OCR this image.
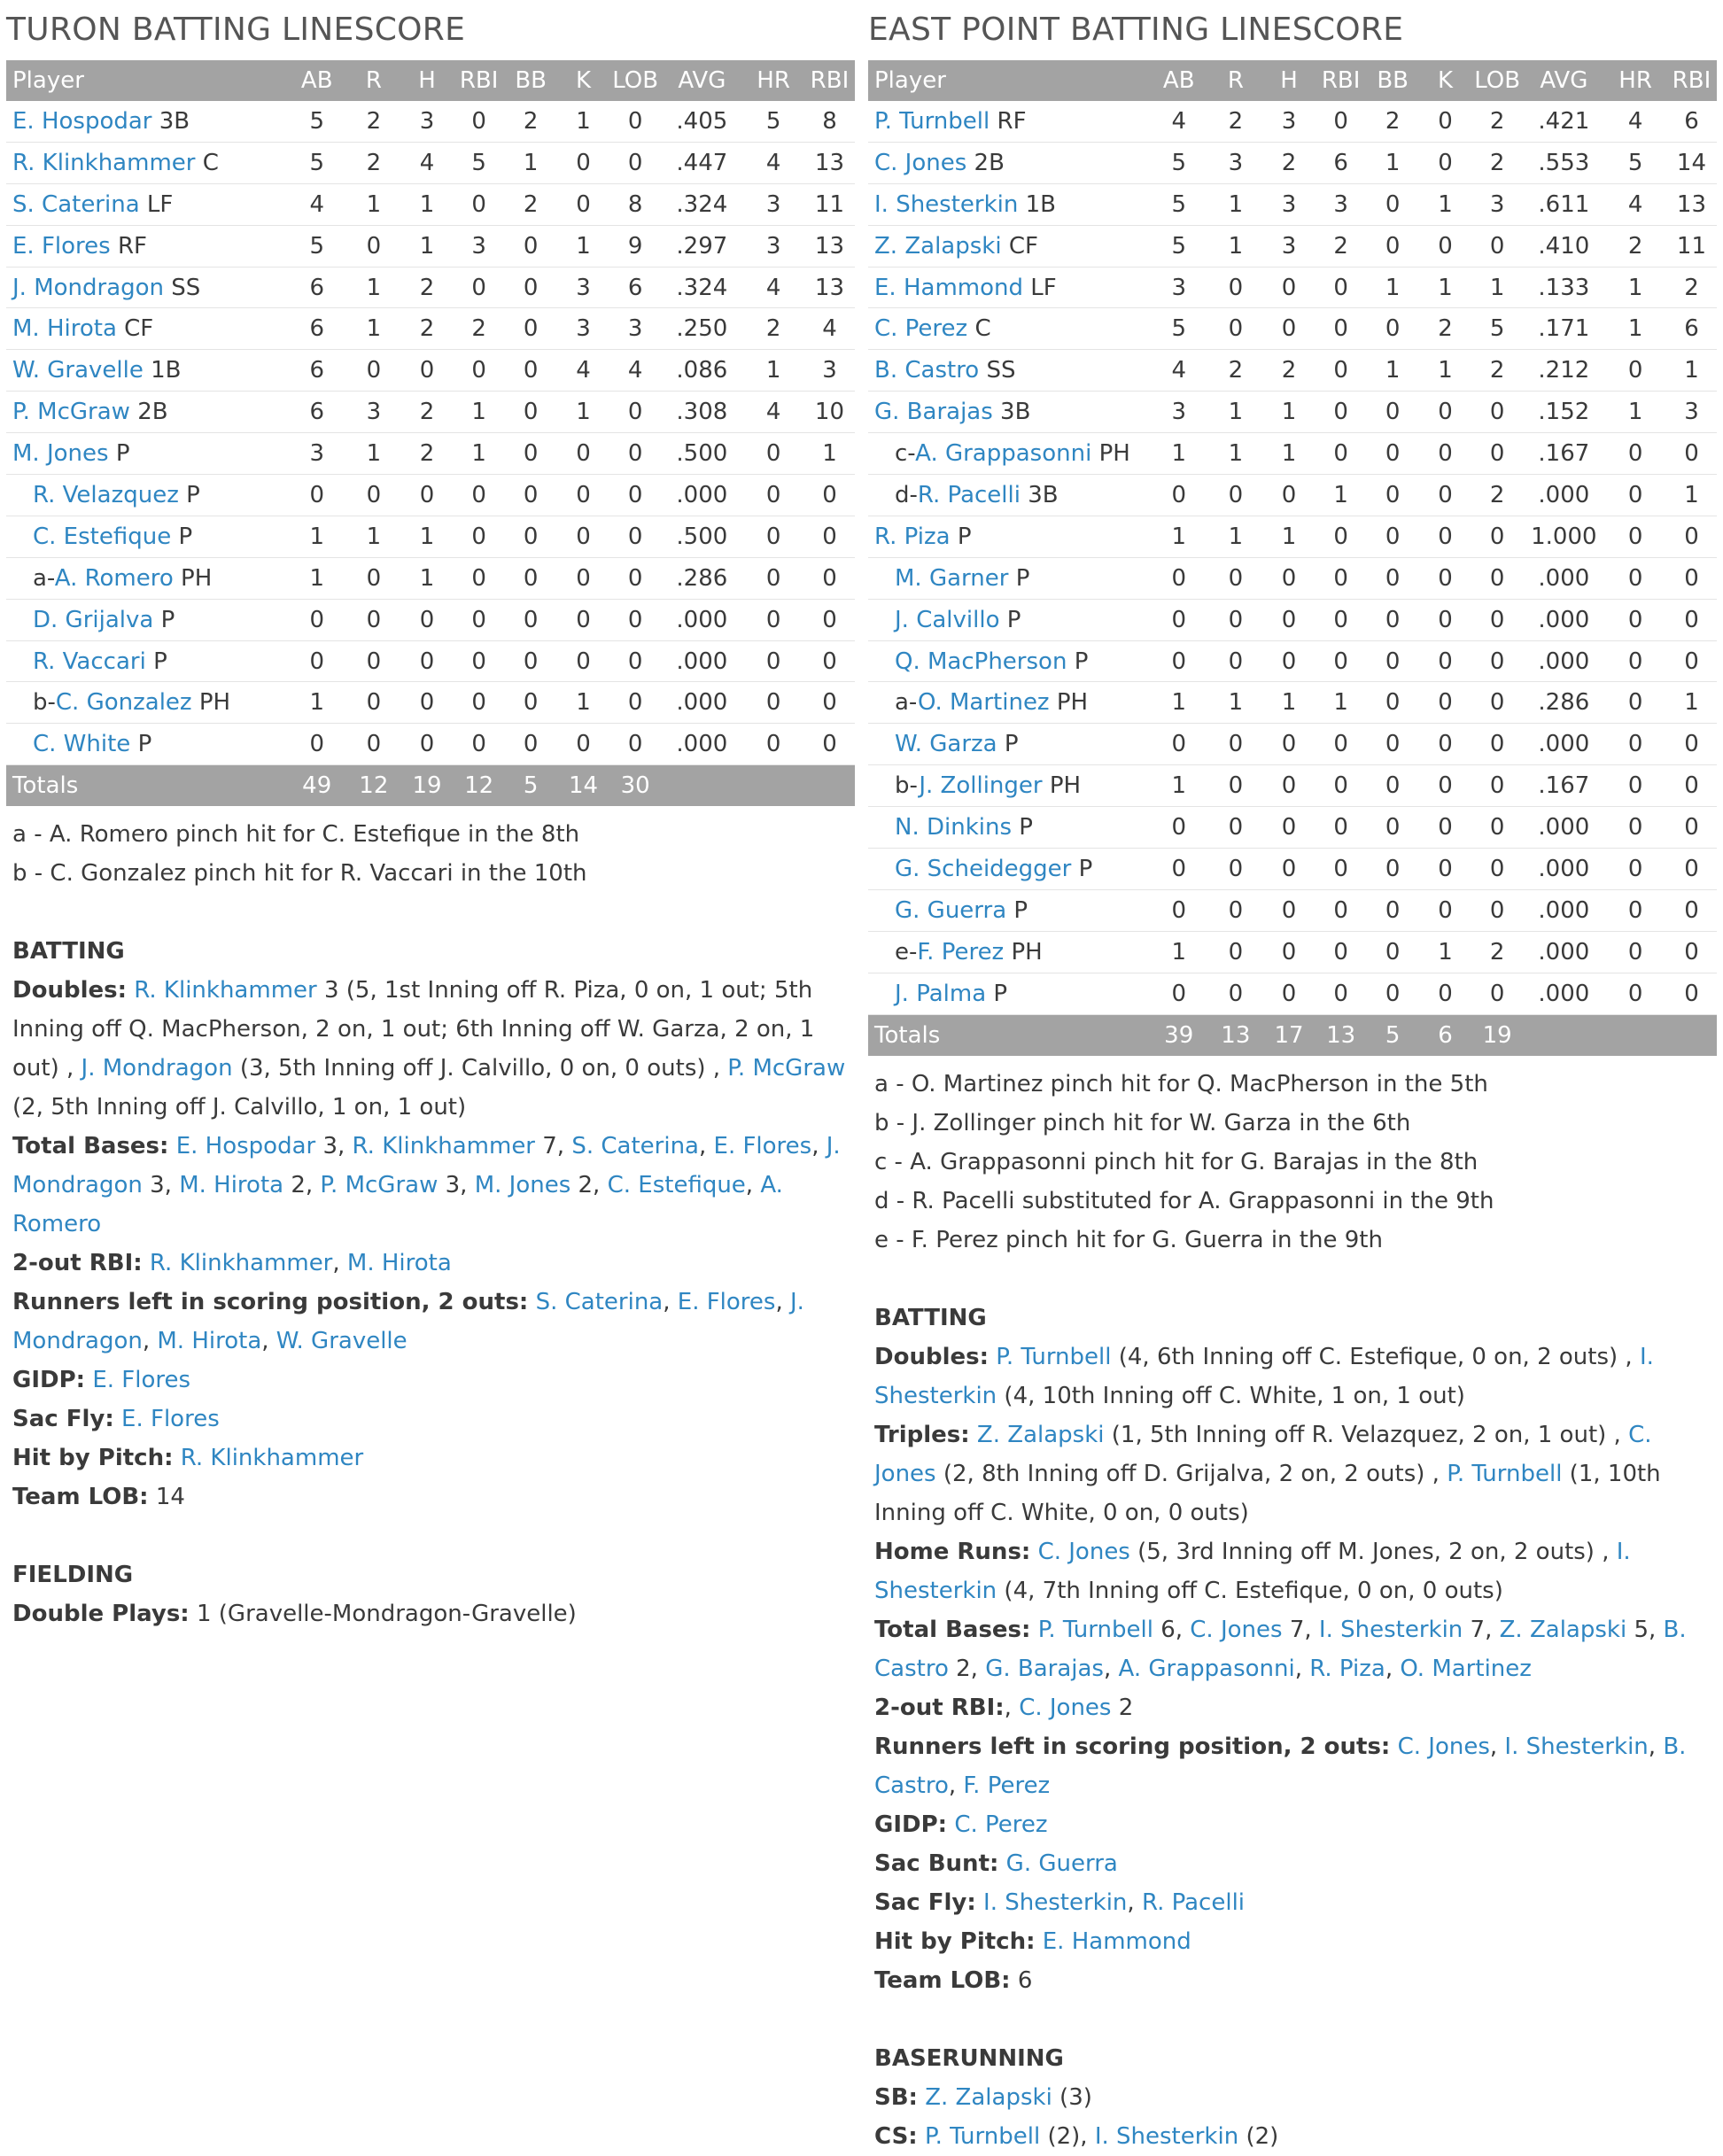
TURON BATTING LINESCORE
Player	AB	R	H	RBI	BB	K	LOB	AVG	HR	RBI
E. Hospodar 3B	5	2	3	0	2	1	0	.405	5	8
R. Klinkhammer C	5	2	4	5	1	0	0	.447	4	13
S. Caterina LF	4	1	1	0	2	0	8	.324	3	11
E. Flores RF	5	0	1	3	0	1	9	.297	3	13
J. Mondragon SS	6	1	2	0	0	3	6	.324	4	13
M. Hirota CF	6	1	2	2	0	3	3	.250	2	4
W. Gravelle 1B	6	0	0	0	0	4	4	.086	1	3
P. McGraw 2B	6	3	2	1	0	1	0	.308	4	10
M. Jones P	3	1	2	1	0	0	0	.500	0	1
R. Velazquez P	0	0	0	0	0	0	0	.000	0	0
C. Estefique P	1	1	1	0	0	0	0	.500	0	0
a-A. Romero PH	1	0	1	0	0	0	0	.286	0	0
D. Grijalva P	0	0	0	0	0	0	0	.000	0	0
R. Vaccari P	0	0	0	0	0	0	0	.000	0	0
b-C. Gonzalez PH	1	0	0	0	0	1	0	.000	0	0
C. White P	0	0	0	0	0	0	0	.000	0	0
Totals	49	12	19	12	5	14	30			
a - A. Romero pinch hit for C. Estefique in the 8th
b - C. Gonzalez pinch hit for R. Vaccari in the 10th
BATTING
Doubles: R. Klinkhammer 3 (5, 1st Inning off R. Piza, 0 on, 1 out; 5th Inning off Q. MacPherson, 2 on, 1 out; 6th Inning off W. Garza, 2 on, 1 out) , J. Mondragon (3, 5th Inning off J. Calvillo, 0 on, 0 outs) , P. McGraw (2, 5th Inning off J. Calvillo, 1 on, 1 out)
Total Bases: E. Hospodar 3, R. Klinkhammer 7, S. Caterina, E. Flores, J. Mondragon 3, M. Hirota 2, P. McGraw 3, M. Jones 2, C. Estefique, A. Romero
2-out RBI: R. Klinkhammer, M. Hirota
Runners left in scoring position, 2 outs: S. Caterina, E. Flores, J. Mondragon, M. Hirota, W. Gravelle
GIDP: E. Flores
Sac Fly: E. Flores
Hit by Pitch: R. Klinkhammer
Team LOB: 14
FIELDING
Double Plays: 1 (Gravelle-Mondragon-Gravelle)
EAST POINT BATTING LINESCORE
Player	AB	R	H	RBI	BB	K	LOB	AVG	HR	RBI
P. Turnbell RF	4	2	3	0	2	0	2	.421	4	6
C. Jones 2B	5	3	2	6	1	0	2	.553	5	14
I. Shesterkin 1B	5	1	3	3	0	1	3	.611	4	13
Z. Zalapski CF	5	1	3	2	0	0	0	.410	2	11
E. Hammond LF	3	0	0	0	1	1	1	.133	1	2
C. Perez C	5	0	0	0	0	2	5	.171	1	6
B. Castro SS	4	2	2	0	1	1	2	.212	0	1
G. Barajas 3B	3	1	1	0	0	0	0	.152	1	3
c-A. Grappasonni PH	1	1	1	0	0	0	0	.167	0	0
d-R. Pacelli 3B	0	0	0	1	0	0	2	.000	0	1
R. Piza P	1	1	1	0	0	0	0	1.000	0	0
M. Garner P	0	0	0	0	0	0	0	.000	0	0
J. Calvillo P	0	0	0	0	0	0	0	.000	0	0
Q. MacPherson P	0	0	0	0	0	0	0	.000	0	0
a-O. Martinez PH	1	1	1	1	0	0	0	.286	0	1
W. Garza P	0	0	0	0	0	0	0	.000	0	0
b-J. Zollinger PH	1	0	0	0	0	0	0	.167	0	0
N. Dinkins P	0	0	0	0	0	0	0	.000	0	0
G. Scheidegger P	0	0	0	0	0	0	0	.000	0	0
G. Guerra P	0	0	0	0	0	0	0	.000	0	0
e-F. Perez PH	1	0	0	0	0	1	2	.000	0	0
J. Palma P	0	0	0	0	0	0	0	.000	0	0
Totals	39	13	17	13	5	6	19			
a - O. Martinez pinch hit for Q. MacPherson in the 5th
b - J. Zollinger pinch hit for W. Garza in the 6th
c - A. Grappasonni pinch hit for G. Barajas in the 8th
d - R. Pacelli substituted for A. Grappasonni in the 9th
e - F. Perez pinch hit for G. Guerra in the 9th
BATTING
Doubles: P. Turnbell (4, 6th Inning off C. Estefique, 0 on, 2 outs) , I. Shesterkin (4, 10th Inning off C. White, 1 on, 1 out)
Triples: Z. Zalapski (1, 5th Inning off R. Velazquez, 2 on, 1 out) , C. Jones (2, 8th Inning off D. Grijalva, 2 on, 2 outs) , P. Turnbell (1, 10th Inning off C. White, 0 on, 0 outs)
Home Runs: C. Jones (5, 3rd Inning off M. Jones, 2 on, 2 outs) , I. Shesterkin (4, 7th Inning off C. Estefique, 0 on, 0 outs)
Total Bases: P. Turnbell 6, C. Jones 7, I. Shesterkin 7, Z. Zalapski 5, B. Castro 2, G. Barajas, A. Grappasonni, R. Piza, O. Martinez
2-out RBI:, C. Jones 2
Runners left in scoring position, 2 outs: C. Jones, I. Shesterkin, B. Castro, F. Perez
GIDP: C. Perez
Sac Bunt: G. Guerra
Sac Fly: I. Shesterkin, R. Pacelli
Hit by Pitch: E. Hammond
Team LOB: 6
BASERUNNING
SB: Z. Zalapski (3)
CS: P. Turnbell (2), I. Shesterkin (2)
